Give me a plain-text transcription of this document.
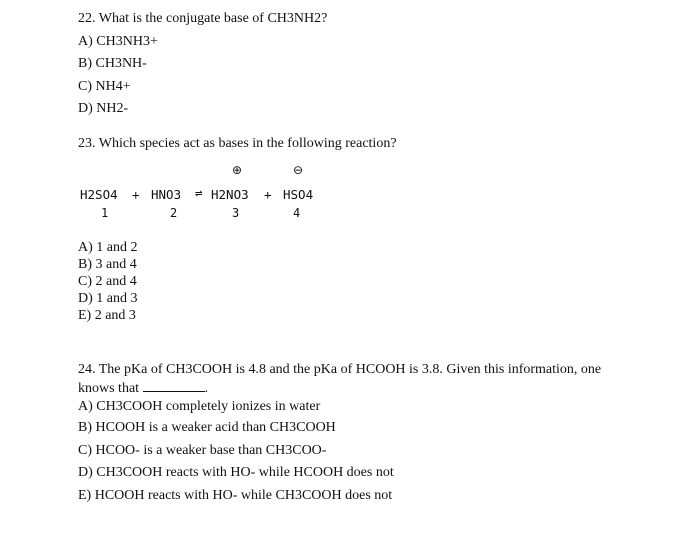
22. What is the conjugate base of CH3NH2?
A) CH3NH3+
B) CH3NH-
C) NH4+
D) NH2-
23. Which species act as bases in the following reaction?
⊕	⊖
H2SO4 + HNO3 ⇌ H2NO3 + HSO4
1	2	3	4
A) 1 and 2
B) 3 and 4
C) 2 and 4
D) 1 and 3
E) 2 and 3
24. The pKa of CH3COOH is 4.8 and the pKa of HCOOH is 3.8. Given this information, one
knows that	.
A) CH3COOH completely ionizes in water
B) HCOOH is a weaker acid than CH3COOH
C) HCOO- is a weaker base than CH3COO-
D) CH3COOH reacts with HO- while HCOOH does not
E) HCOOH reacts with HO- while CH3COOH does not
